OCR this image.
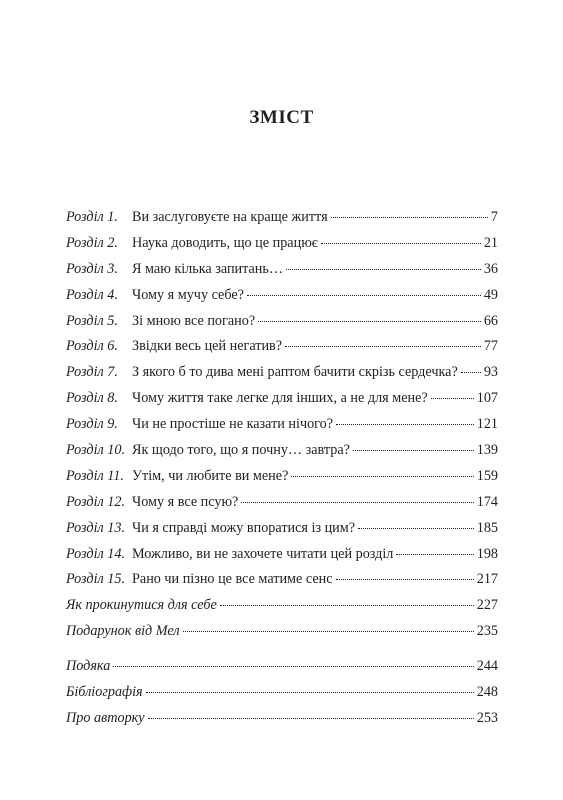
ЗМІСТ
Розділ 1. Ви заслуговуєте на краще життя	7
Розділ 2. Наука доводить, що це працює	21
Розділ 3. Я маю кілька запитань…	36
Розділ 4. Чому я мучу себе?	49
Розділ 5. Зі мною все погано?	66
Розділ 6. Звідки весь цей негатив?	77
Розділ 7. З якого б то дива мені раптом бачити скрізь сердечка? 93
Розділ 8. Чому життя таке легке для інших, а не для мене?	107
Розділ 9. Чи не простіше не казати нічого?	121
Розділ 10. Як щодо того, що я почну… завтра?	139
Розділ 11. Утім, чи любите ви мене?	159
Розділ 12. Чому я все псую?	174
Розділ 13. Чи я справді можу впоратися із цим?	185
Розділ 14. Можливо, ви не захочете читати цей розділ	198
Розділ 15. Рано чи пізно це все матиме сенс	217
Як прокинутися для себе	227
Подарунок від Мел	235
Подяка	244
Бібліографія	248
Про авторку	253
